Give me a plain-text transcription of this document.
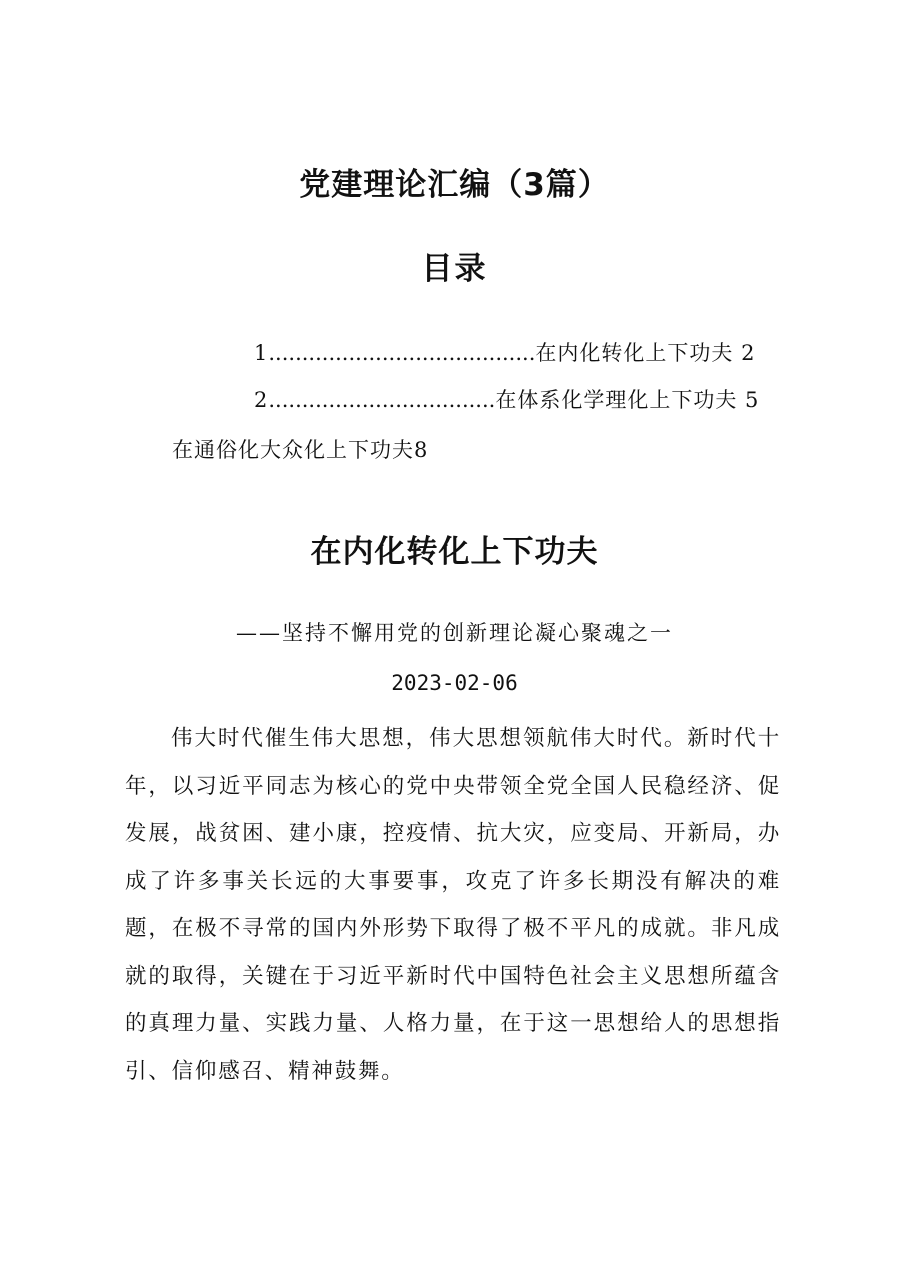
党建理论汇编（3篇）
目录
1........................................在内化转化上下功夫 2
2..................................在体系化学理化上下功夫 5
在通俗化大众化上下功夫8
在内化转化上下功夫
——坚持不懈用党的创新理论凝心聚魂之一
2023-02-06
伟大时代催生伟大思想，伟大思想领航伟大时代。新时代十年，以习近平同志为核心的党中央带领全党全国人民稳经济、促发展，战贫困、建小康，控疫情、抗大灾，应变局、开新局，办成了许多事关长远的大事要事，攻克了许多长期没有解决的难题，在极不寻常的国内外形势下取得了极不平凡的成就。非凡成就的取得，关键在于习近平新时代中国特色社会主义思想所蕴含的真理力量、实践力量、人格力量，在于这一思想给人的思想指引、信仰感召、精神鼓舞。
